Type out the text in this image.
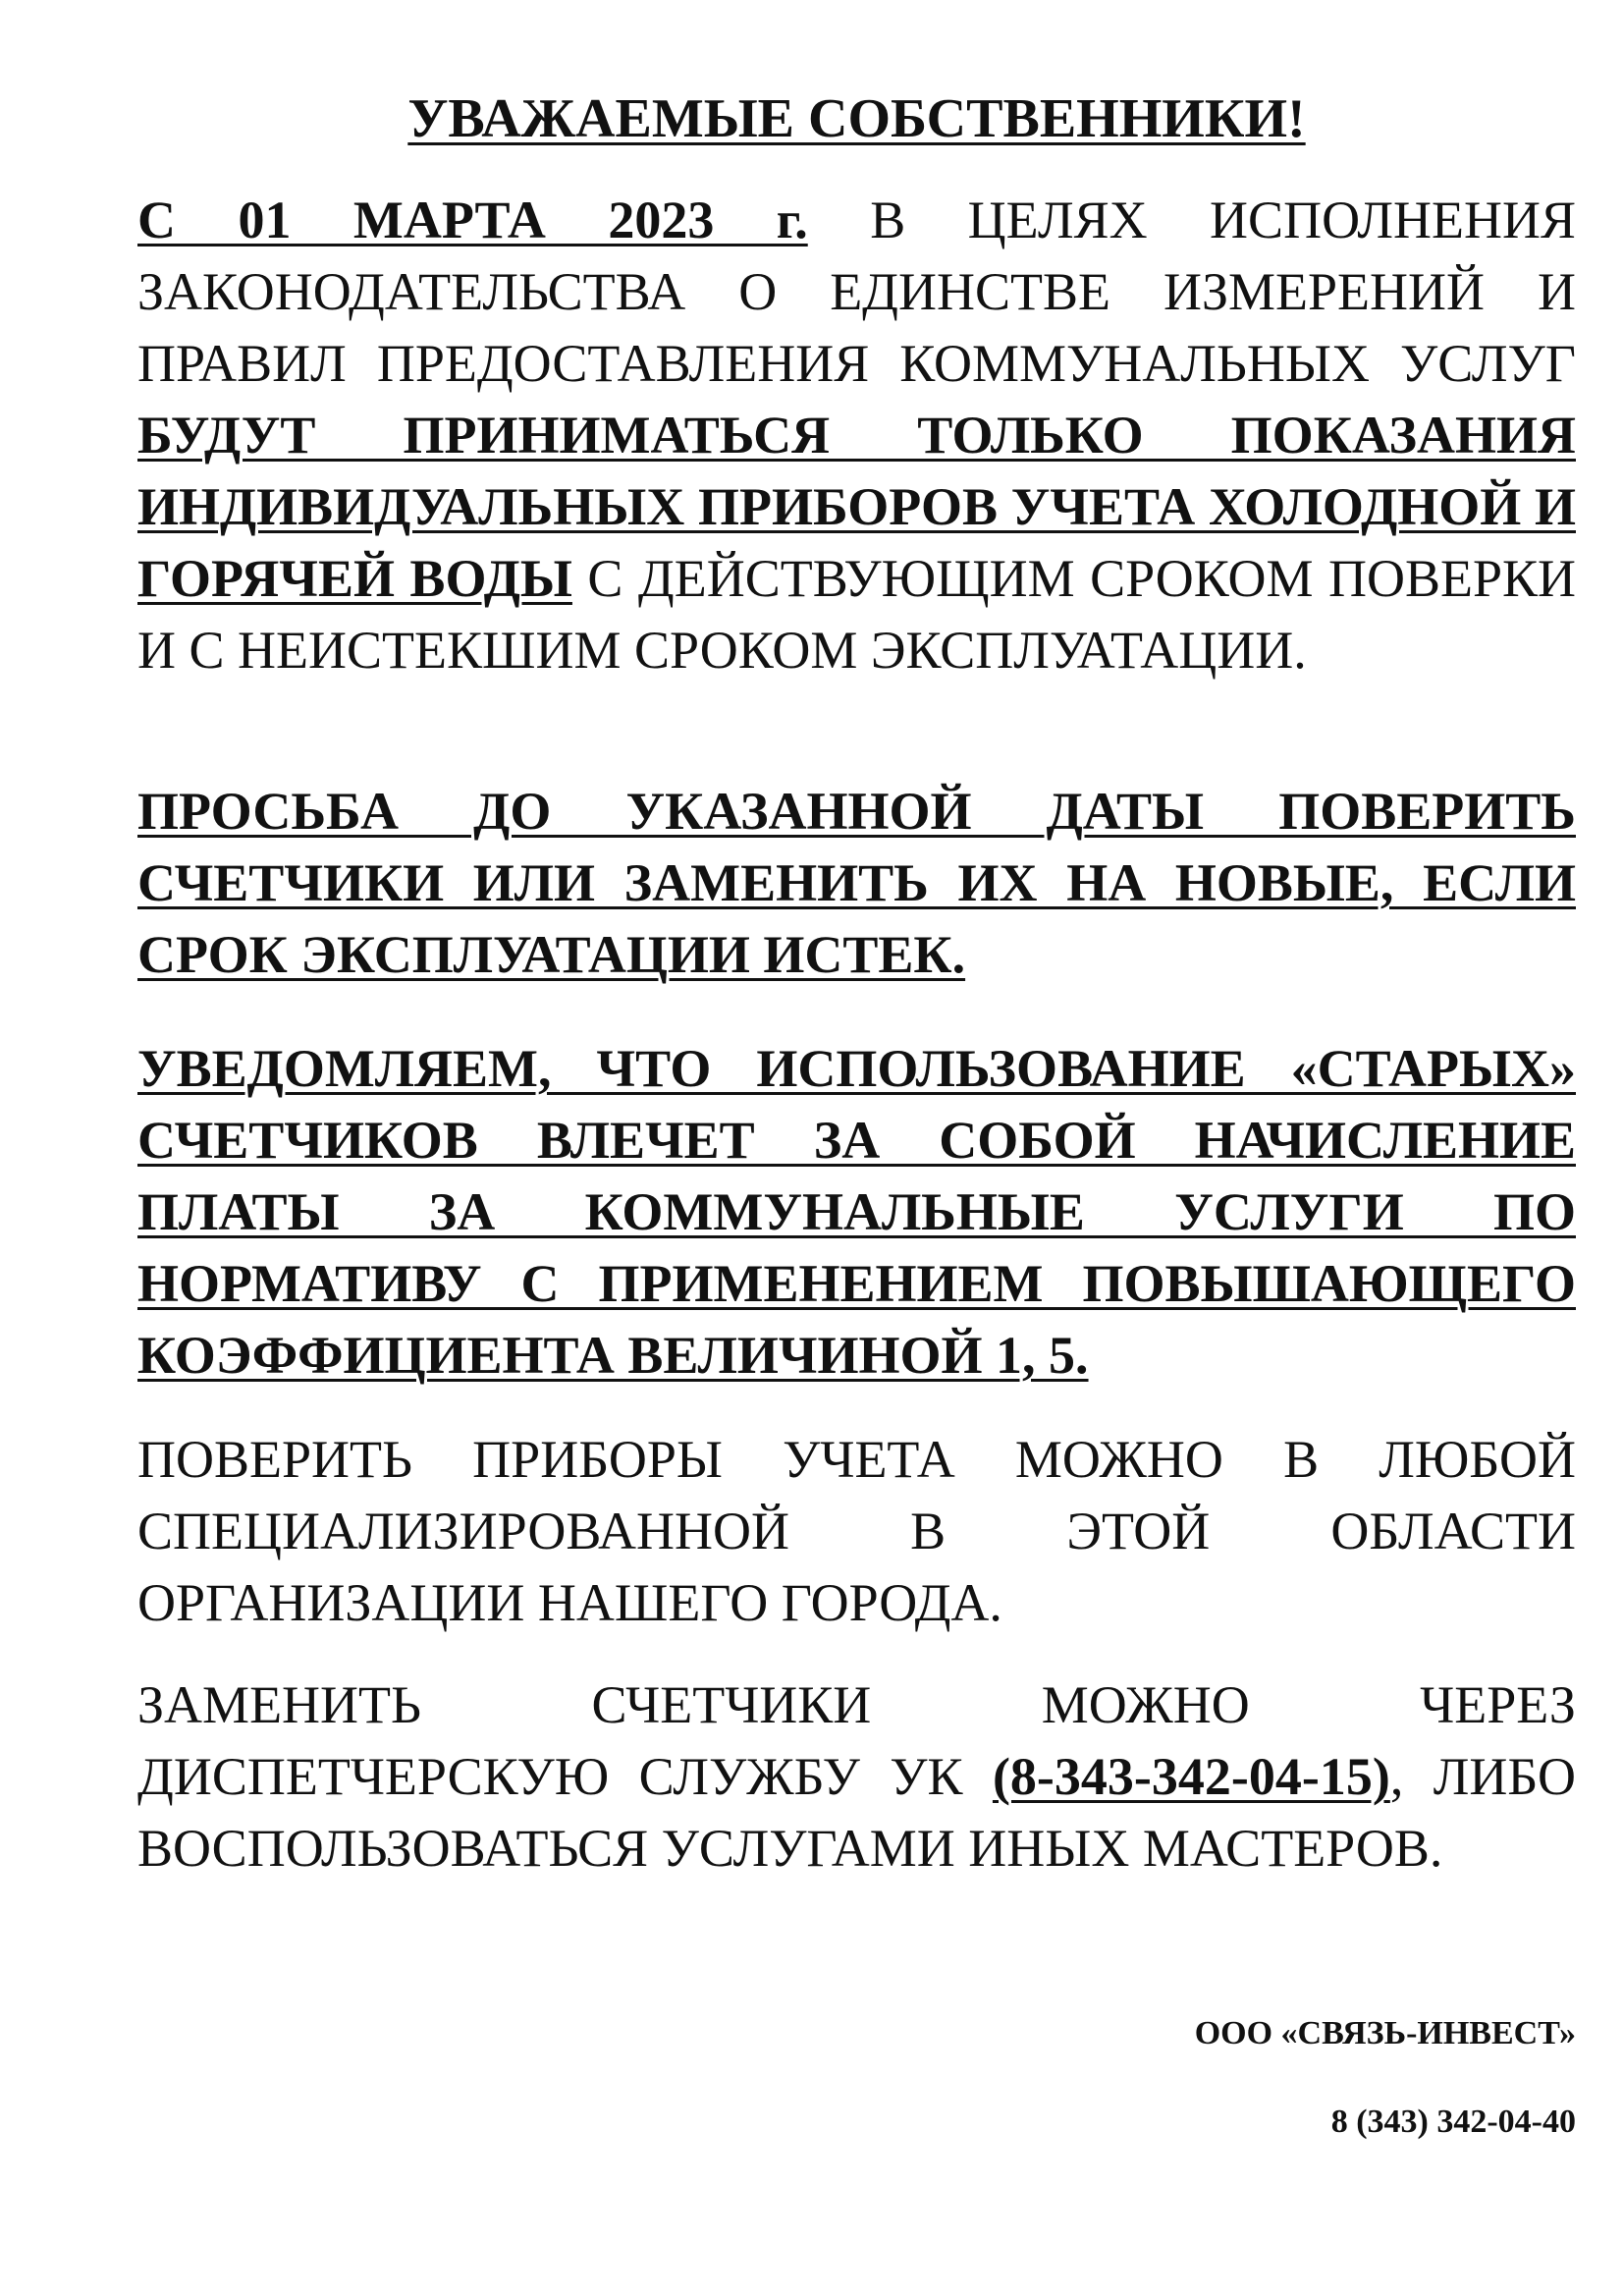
УВАЖАЕМЫЕ СОБСТВЕННИКИ!

С 01 МАРТА 2023 г. В ЦЕЛЯХ ИСПОЛНЕНИЯ ЗАКОНОДАТЕЛЬСТВА О ЕДИНСТВЕ ИЗМЕРЕНИЙ И ПРАВИЛ ПРЕДОСТАВЛЕНИЯ КОММУНАЛЬНЫХ УСЛУГ БУДУТ ПРИНИМАТЬСЯ ТОЛЬКО ПОКАЗАНИЯ ИНДИВИДУАЛЬНЫХ ПРИБОРОВ УЧЕТА ХОЛОДНОЙ И ГОРЯЧЕЙ ВОДЫ С ДЕЙСТВУЮЩИМ СРОКОМ ПОВЕРКИ И С НЕИСТЕКШИМ СРОКОМ ЭКСПЛУАТАЦИИ.

ПРОСЬБА ДО УКАЗАННОЙ ДАТЫ ПОВЕРИТЬ СЧЕТЧИКИ ИЛИ ЗАМЕНИТЬ ИХ НА НОВЫЕ, ЕСЛИ СРОК ЭКСПЛУАТАЦИИ ИСТЕК.

УВЕДОМЛЯЕМ, ЧТО ИСПОЛЬЗОВАНИЕ «СТАРЫХ» СЧЕТЧИКОВ ВЛЕЧЕТ ЗА СОБОЙ НАЧИСЛЕНИЕ ПЛАТЫ ЗА КОММУНАЛЬНЫЕ УСЛУГИ ПО НОРМАТИВУ С ПРИМЕНЕНИЕМ ПОВЫШАЮЩЕГО КОЭФФИЦИЕНТА ВЕЛИЧИНОЙ 1, 5.

ПОВЕРИТЬ ПРИБОРЫ УЧЕТА МОЖНО В ЛЮБОЙ СПЕЦИАЛИЗИРОВАННОЙ В ЭТОЙ ОБЛАСТИ ОРГАНИЗАЦИИ НАШЕГО ГОРОДА.

ЗАМЕНИТЬ СЧЕТЧИКИ МОЖНО ЧЕРЕЗ ДИСПЕТЧЕРСКУЮ СЛУЖБУ УК (8-343-342-04-15), ЛИБО ВОСПОЛЬЗОВАТЬСЯ УСЛУГАМИ ИНЫХ МАСТЕРОВ.

ООО «СВЯЗЬ-ИНВЕСТ»

8 (343) 342-04-40
